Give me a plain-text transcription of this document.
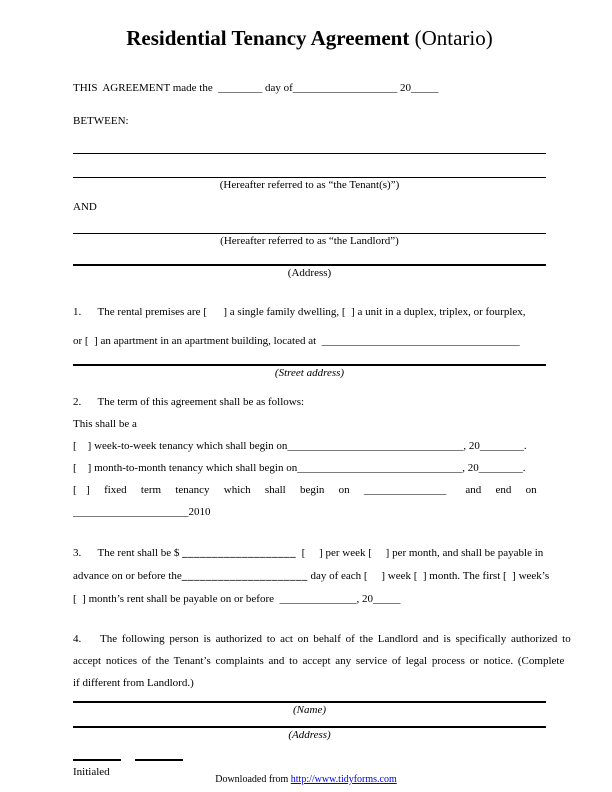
Residential Tenancy Agreement (Ontario)
THIS  AGREEMENT made the  ________ day of___________________ 20_____
BETWEEN:
(Hereafter referred to as “the Tenant(s)”)
AND
(Hereafter referred to as “the Landlord”)
(Address)
1.      The rental premises are [      ] a single family dwelling, [  ] a unit in a duplex, triplex, or fourplex,
or [  ] an apartment in an apartment building, located at  ____________________________________
(Street address)
2.      The term of this agreement shall be as follows:
This shall be a
[    ] week-to-week tenancy which shall begin on________________________________, 20________.
[    ] month-to-month tenancy which shall begin on______________________________, 20________.
[  ]   fixed   term   tenancy   which   shall   begin   on   _______________    and   end   on
_____________________2010
3.      The rent shall be $ ___________________  [     ] per week [     ] per month, and shall be payable in
advance on or before the_____________________ day of each [     ] week [  ] month. The first [  ] week’s
[  ] month’s rent shall be payable on or before  ______________, 20_____
4.    The following person is authorized to act on behalf of the Landlord and is specifically authorized to
accept notices of the Tenant’s complaints and to accept any service of legal process or notice. (Complete
if different from Landlord.)
(Name)
(Address)
Initialed
Downloaded from http://www.tidyforms.com
